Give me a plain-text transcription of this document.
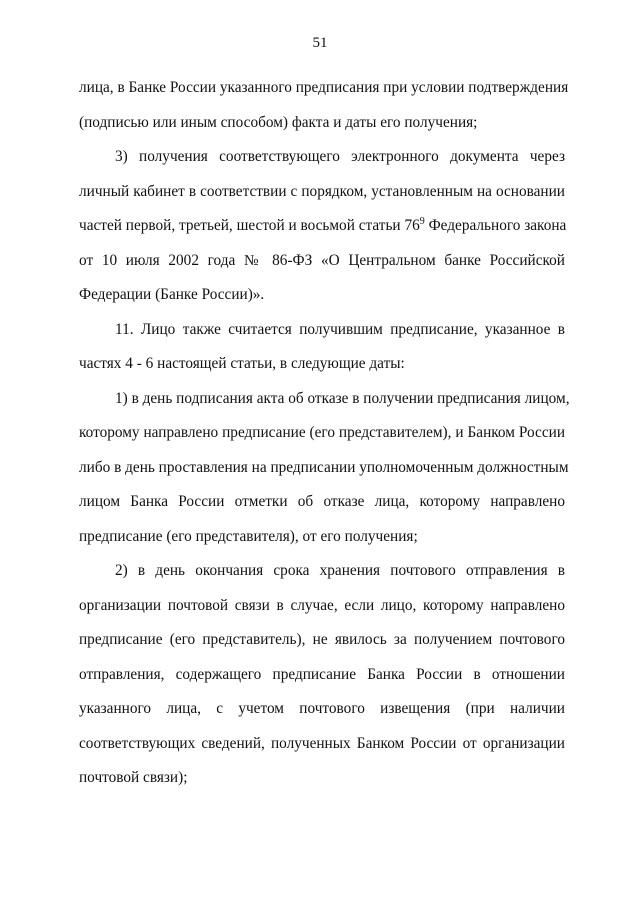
51
лица, в Банке России указанного предписания при условии подтверждения
(подписью или иным способом) факта и даты его получения;
3) получения соответствующего электронного документа через
личный кабинет в соответствии с порядком, установленным на основании
частей первой, третьей, шестой и восьмой статьи $76^9$ Федерального закона
от 10 июля 2002 года № 86-ФЗ «О Центральном банке Российской
Федерации (Банке России)».
11. Лицо также считается получившим предписание, указанное в
частях 4 - 6 настоящей статьи, в следующие даты:
1) в день подписания акта об отказе в получении предписания лицом,
которому направлено предписание (его представителем), и Банком России
либо в день проставления на предписании уполномоченным должностным
лицом Банка России отметки об отказе лица, которому направлено
предписание (его представителя), от его получения;
2) в день окончания срока хранения почтового отправления в
организации почтовой связи в случае, если лицо, которому направлено
предписание (его представитель), не явилось за получением почтового
отправления, содержащего предписание Банка России в отношении
указанного лица, с учетом почтового извещения (при наличии
соответствующих сведений, полученных Банком России от организации
почтовой связи);
